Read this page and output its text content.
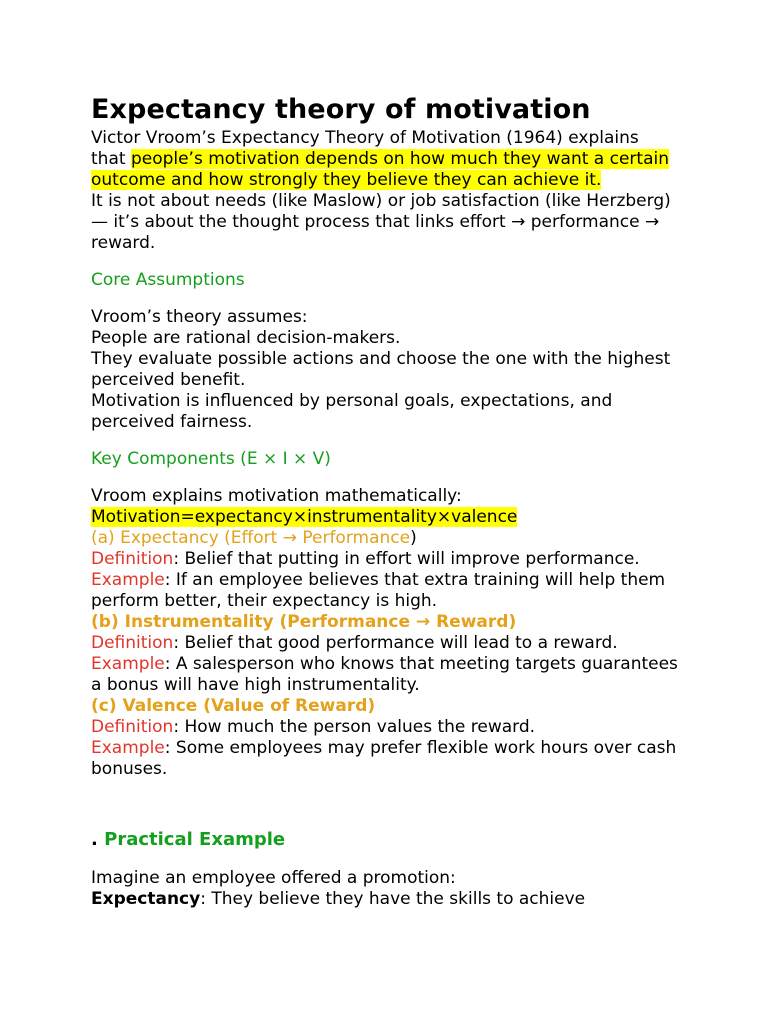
Expectancy theory of motivation

Victor Vroom’s Expectancy Theory of Motivation (1964) explains
that people’s motivation depends on how much they want a certain outcome and how strongly they believe they can achieve it.

It is not about needs (like Maslow) or job satisfaction (like Herzberg) — it’s about the thought process that links effort → performance → reward.

Core Assumptions

Vroom’s theory assumes:

People are rational decision-makers.

They evaluate possible actions and choose the one with the highest perceived benefit.

Motivation is influenced by personal goals, expectations, and perceived fairness.

Key Components (E × I × V)

Vroom explains motivation mathematically:

Motivation=expectancy×instrumentality×valence

(a) Expectancy (Effort → Performance)

Definition: Belief that putting in effort will improve performance.

Example: If an employee believes that extra training will help them perform better, their expectancy is high.

(b) Instrumentality (Performance → Reward)

Definition: Belief that good performance will lead to a reward.

Example: A salesperson who knows that meeting targets guarantees a bonus will have high instrumentality.

(c) Valence (Value of Reward)

Definition: How much the person values the reward.

Example: Some employees may prefer flexible work hours over cash bonuses.

. Practical Example

Imagine an employee offered a promotion:

Expectancy: They believe they have the skills to achieve
